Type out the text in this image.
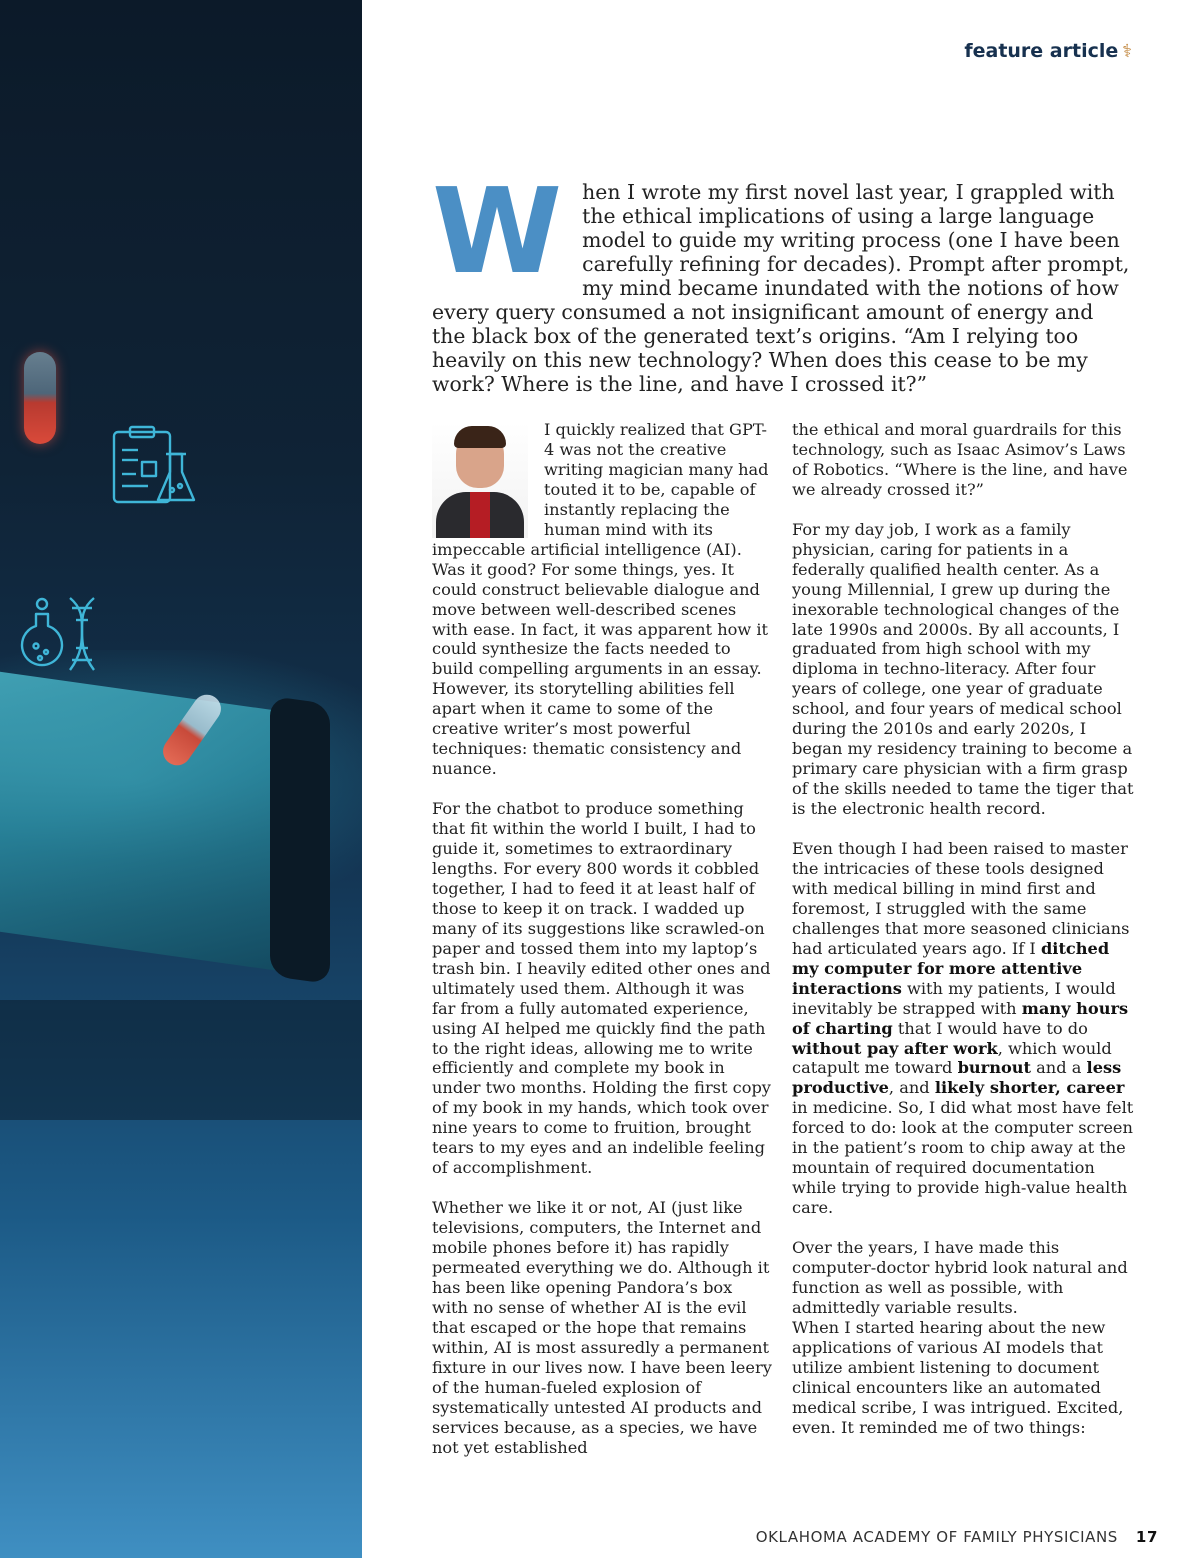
feature article ⚕
When I wrote my first novel last year, I grappled with the ethical implications of using a large language model to guide my writing process (one I have been carefully refining for decades). Prompt after prompt, my mind became inundated with the notions of how every query consumed a not insignificant amount of energy and the black box of the generated text’s origins. “Am I relying too heavily on this new technology? When does this cease to be my work? Where is the line, and have I crossed it?”

I quickly realized that GPT-4 was not the creative writing magician many had touted it to be, capable of instantly replacing the human mind with its impeccable artificial intelligence (AI). Was it good? For some things, yes. It could construct believable dialogue and move between well-described scenes with ease. In fact, it was apparent how it could synthesize the facts needed to build compelling arguments in an essay. However, its storytelling abilities fell apart when it came to some of the creative writer’s most powerful techniques: thematic consistency and nuance.

For the chatbot to produce something that fit within the world I built, I had to guide it, sometimes to extraordinary lengths. For every 800 words it cobbled together, I had to feed it at least half of those to keep it on track. I wadded up many of its suggestions like scrawled-on paper and tossed them into my laptop’s trash bin. I heavily edited other ones and ultimately used them. Although it was far from a fully automated experience, using AI helped me quickly find the path to the right ideas, allowing me to write efficiently and complete my book in under two months. Holding the first copy of my book in my hands, which took over nine years to come to fruition, brought tears to my eyes and an indelible feeling of accomplishment.

Whether we like it or not, AI (just like televisions, computers, the Internet and mobile phones before it) has rapidly permeated everything we do. Although it has been like opening Pandora’s box with no sense of whether AI is the evil that escaped or the hope that remains within, AI is most assuredly a permanent fixture in our lives now. I have been leery of the human-fueled explosion of systematically untested AI products and services because, as a species, we have not yet established

the ethical and moral guardrails for this technology, such as Isaac Asimov’s Laws of Robotics. “Where is the line, and have we already crossed it?”

For my day job, I work as a family physician, caring for patients in a federally qualified health center. As a young Millennial, I grew up during the inexorable technological changes of the late 1990s and 2000s. By all accounts, I graduated from high school with my diploma in techno-literacy. After four years of college, one year of graduate school, and four years of medical school during the 2010s and early 2020s, I began my residency training to become a primary care physician with a firm grasp of the skills needed to tame the tiger that is the electronic health record.

Even though I had been raised to master the intricacies of these tools designed with medical billing in mind first and foremost, I struggled with the same challenges that more seasoned clinicians had articulated years ago. If I ditched my computer for more attentive interactions with my patients, I would inevitably be strapped with many hours of charting that I would have to do without pay after work, which would catapult me toward burnout and a less productive, and likely shorter, career in medicine. So, I did what most have felt forced to do: look at the computer screen in the patient’s room to chip away at the mountain of required documentation while trying to provide high-value health care.

Over the years, I have made this computer-doctor hybrid look natural and function as well as possible, with admittedly variable results.

When I started hearing about the new applications of various AI models that utilize ambient listening to document clinical encounters like an automated medical scribe, I was intrigued. Excited, even. It reminded me of two things:

OKLAHOMA ACADEMY OF FAMILY PHYSICIANS 17
